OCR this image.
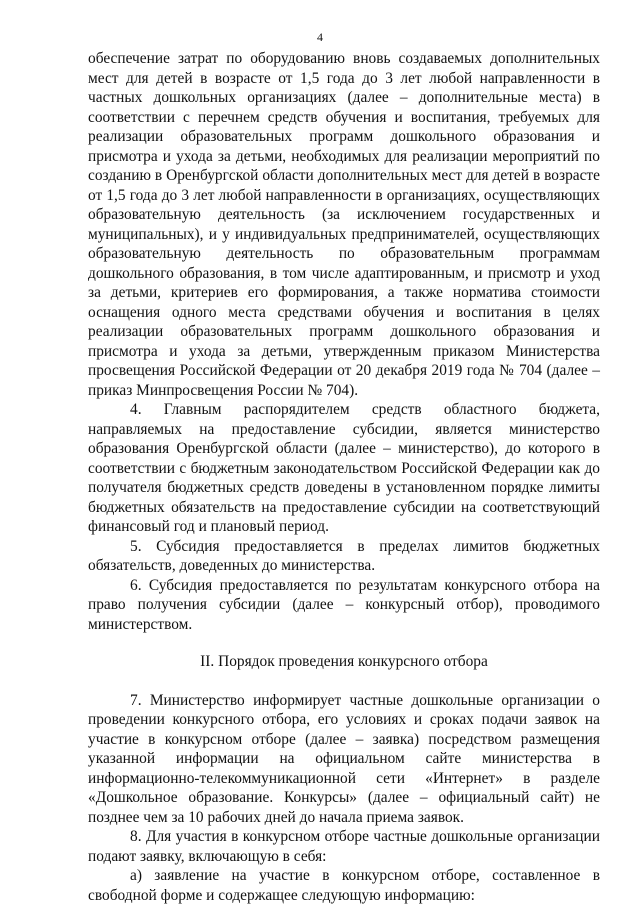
4

обеспечение затрат по оборудованию вновь создаваемых дополнительных мест для детей в возрасте от 1,5 года до 3 лет любой направленности в частных дошкольных организациях (далее – дополнительные места) в соответствии с перечнем средств обучения и воспитания, требуемых для реализации образовательных программ дошкольного образования и присмотра и ухода за детьми, необходимых для реализации мероприятий по созданию в Оренбургской области дополнительных мест для детей в возрасте от 1,5 года до 3 лет любой направленности в организациях, осуществляющих образовательную деятельность (за исключением государственных и муниципальных), и у индивидуальных предпринимателей, осуществляющих образовательную деятельность по образовательным программам дошкольного образования, в том числе адаптированным, и присмотр и уход за детьми, критериев его формирования, а также норматива стоимости оснащения одного места средствами обучения и воспитания в целях реализации образовательных программ дошкольного образования и присмотра и ухода за детьми, утвержденным приказом Министерства просвещения Российской Федерации от 20 декабря 2019 года № 704 (далее – приказ Минпросвещения России № 704).

4. Главным распорядителем средств областного бюджета, направляемых на предоставление субсидии, является министерство образования Оренбургской области (далее – министерство), до которого в соответствии с бюджетным законодательством Российской Федерации как до получателя бюджетных средств доведены в установленном порядке лимиты бюджетных обязательств на предоставление субсидии на соответствующий финансовый год и плановый период.

5. Субсидия предоставляется в пределах лимитов бюджетных обязательств, доведенных до министерства.

6. Субсидия предоставляется по результатам конкурсного отбора на право получения субсидии (далее – конкурсный отбор), проводимого министерством.

II. Порядок проведения конкурсного отбора

7. Министерство информирует частные дошкольные организации о проведении конкурсного отбора, его условиях и сроках подачи заявок на участие в конкурсном отборе (далее – заявка) посредством размещения указанной информации на официальном сайте министерства в информационно-телекоммуникационной сети «Интернет» в разделе «Дошкольное образование. Конкурсы» (далее – официальный сайт) не позднее чем за 10 рабочих дней до начала приема заявок.

8. Для участия в конкурсном отборе частные дошкольные организации подают заявку, включающую в себя:

а) заявление на участие в конкурсном отборе, составленное в свободной форме и содержащее следующую информацию:
